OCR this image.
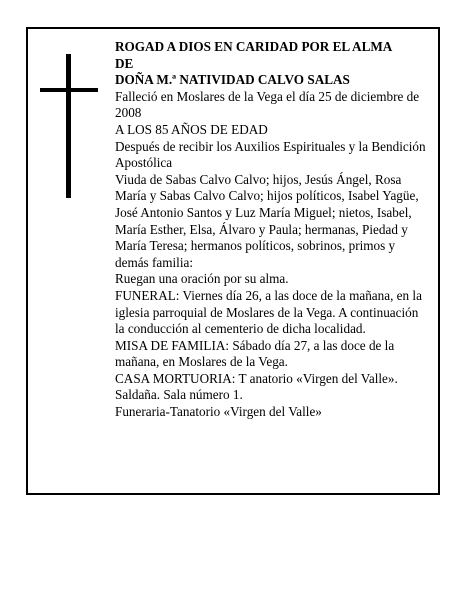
ROGAD A DIOS EN CARIDAD POR EL ALMA
DE
DOÑA M.ª NATIVIDAD CALVO SALAS
Falleció en Moslares de la Vega el día 25 de diciembre de 2008
A LOS 85 AÑOS DE EDAD
Después de recibir los Auxilios Espirituales y la Bendición Apostólica
Viuda de Sabas Calvo Calvo; hijos, Jesús Ángel, Rosa María y Sabas Calvo Calvo; hijos políticos, Isabel Yagüe, José Antonio Santos y Luz María Miguel; nietos, Isabel, María Esther, Elsa, Álvaro y Paula; hermanas, Piedad y María Teresa; hermanos políticos, sobrinos, primos y demás familia:
Ruegan una oración por su alma.
FUNERAL: Viernes día 26, a las doce de la mañana, en la iglesia parroquial de Moslares de la Vega. A continuación la conducción al cementerio de dicha localidad.
MISA DE FAMILIA: Sábado día 27, a las doce de la mañana, en Moslares de la Vega.
CASA MORTUORIA: T anatorio «Virgen del Valle». Saldaña. Sala número 1.
Funeraria-Tanatorio «Virgen del Valle»
